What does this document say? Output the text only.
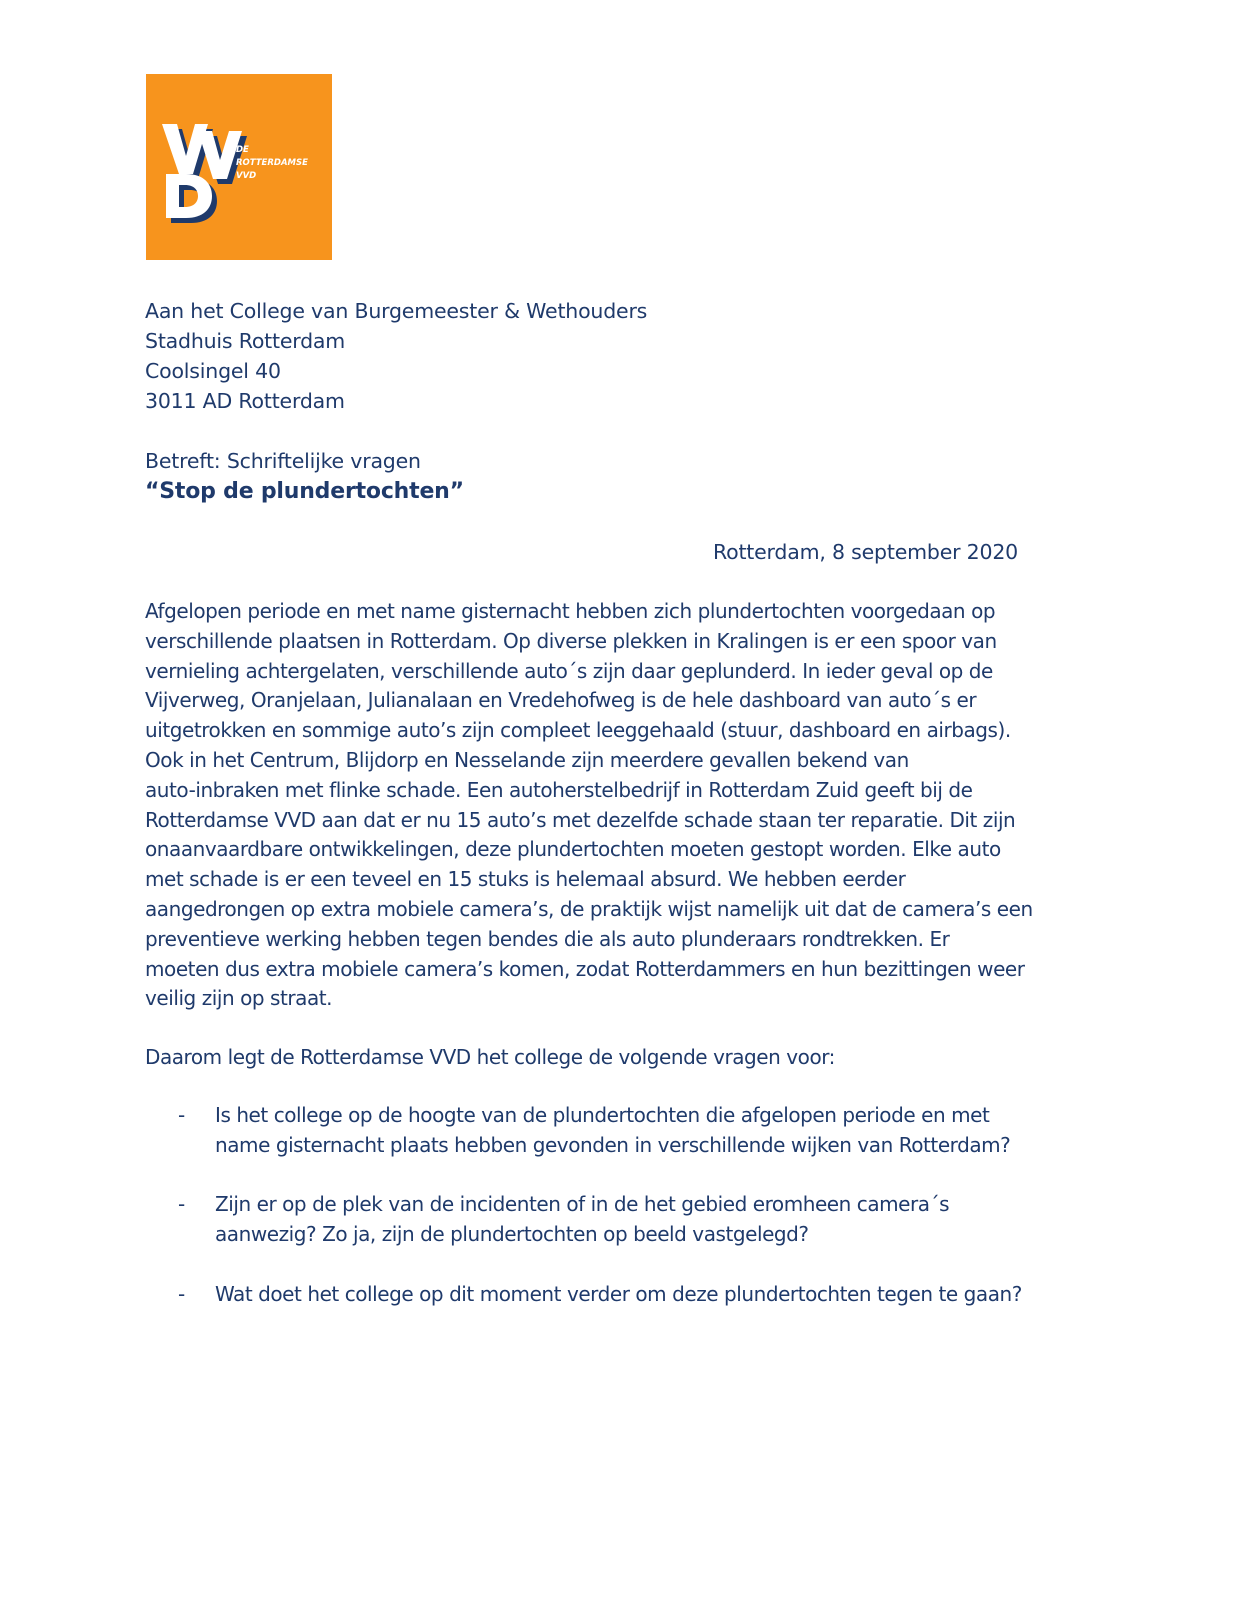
DE
ROTTERDAMSE
VVD
Aan het College van Burgemeester & Wethouders
Stadhuis Rotterdam
Coolsingel 40
3011 AD Rotterdam
Betreft: Schriftelijke vragen
“Stop de plundertochten”
Rotterdam, 8 september 2020
Afgelopen periode en met name gisternacht hebben zich plundertochten voorgedaan op
verschillende plaatsen in Rotterdam. Op diverse plekken in Kralingen is er een spoor van
vernieling achtergelaten, verschillende auto´s zijn daar geplunderd. In ieder geval op de
Vijverweg, Oranjelaan, Julianalaan en Vredehofweg is de hele dashboard van auto´s er
uitgetrokken en sommige auto’s zijn compleet leeggehaald (stuur, dashboard en airbags).
Ook in het Centrum, Blijdorp en Nesselande zijn meerdere gevallen bekend van
auto-inbraken met flinke schade. Een autoherstelbedrijf in Rotterdam Zuid geeft bij de
Rotterdamse VVD aan dat er nu 15 auto’s met dezelfde schade staan ter reparatie. Dit zijn
onaanvaardbare ontwikkelingen, deze plundertochten moeten gestopt worden. Elke auto
met schade is er een teveel en 15 stuks is helemaal absurd. We hebben eerder
aangedrongen op extra mobiele camera’s, de praktijk wijst namelijk uit dat de camera’s een
preventieve werking hebben tegen bendes die als auto plunderaars rondtrekken. Er
moeten dus extra mobiele camera’s komen, zodat Rotterdammers en hun bezittingen weer
veilig zijn op straat.
Daarom legt de Rotterdamse VVD het college de volgende vragen voor:
- Is het college op de hoogte van de plundertochten die afgelopen periode en met
name gisternacht plaats hebben gevonden in verschillende wijken van Rotterdam?
- Zijn er op de plek van de incidenten of in de het gebied eromheen camera´s
aanwezig? Zo ja, zijn de plundertochten op beeld vastgelegd?
- Wat doet het college op dit moment verder om deze plundertochten tegen te gaan?
